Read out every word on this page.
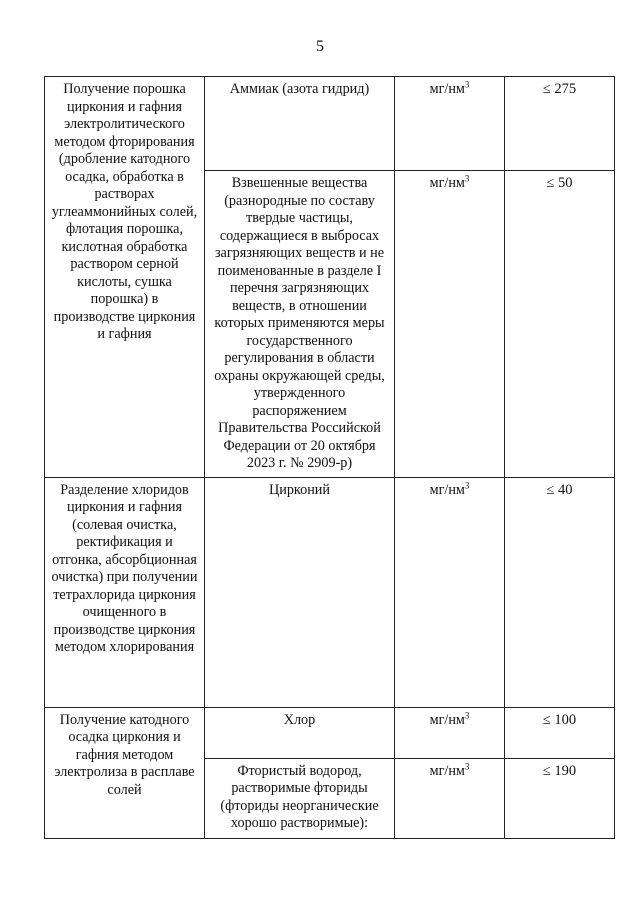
5
Получение порошка циркония и гафния электролитического методом фторирования (дробление катодного осадка, обработка в растворах углеаммонийных солей, флотация порошка, кислотная обработка раствором серной кислоты, сушка порошка) в производстве циркония и гафния	Аммиак (азота гидрид)	$мг/нм^3$	≤ 275
	Взвешенные вещества (разнородные по составу твердые частицы, содержащиеся в выбросах загрязняющих веществ и не поименованные в разделе I перечня загрязняющих веществ, в отношении которых применяются меры государственного регулирования в области охраны окружающей среды, утвержденного распоряжением Правительства Российской Федерации от 20 октября 2023 г. № 2909-р)	$мг/нм^3$	≤ 50
Разделение хлоридов циркония и гафния (солевая очистка, ректификация и отгонка, абсорбционная очистка) при получении тетрахлорида циркония очищенного в производстве циркония методом хлорирования	Цирконий	$мг/нм^3$	≤ 40
Получение катодного осадка циркония и гафния методом электролиза в расплаве солей	Хлор	$мг/нм^3$	≤ 100
	Фтористый водород, растворимые фториды (фториды неорганические хорошо растворимые):	$мг/нм^3$	≤ 190
